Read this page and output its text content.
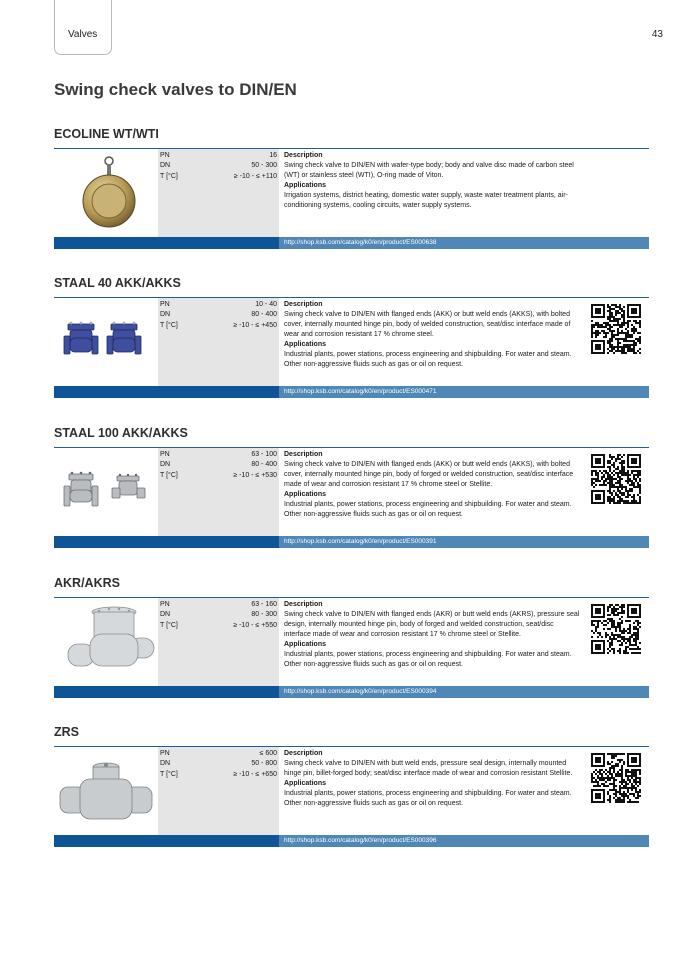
Valves	43
Swing check valves to DIN/EN
ECOLINE WT/WTI
PN	16
DN	50 - 300
T [°C]	≥ -10 - ≤ +110
Description
Swing check valve to DIN/EN with wafer-type body; body and valve disc made of carbon steel (WT) or stainless steel (WTI), O-ring made of Viton.
Applications
Irrigation systems, district heating, domestic water supply, waste water treatment plants, air-conditioning systems, cooling circuits, water supply systems.
http://shop.ksb.com/catalog/k0/en/product/ES000638
STAAL 40 AKK/AKKS
PN	10 - 40
DN	80 - 400
T [°C]	≥ -10 - ≤ +450
Description
Swing check valve to DIN/EN with flanged ends (AKK) or butt weld ends (AKKS), with bolted cover, internally mounted hinge pin, body of welded construction, seat/disc interface made of wear and corrosion resistant 17 % chrome steel.
Applications
Industrial plants, power stations, process engineering and shipbuilding. For water and steam. Other non-aggressive fluids such as gas or oil on request.
http://shop.ksb.com/catalog/k0/en/product/ES000471
STAAL 100 AKK/AKKS
PN	63 - 100
DN	80 - 400
T [°C]	≥ -10 - ≤ +530
Description
Swing check valve to DIN/EN with flanged ends (AKK) or butt weld ends (AKKS), with bolted cover, internally mounted hinge pin, body of forged or welded construction, seat/disc interface made of wear and corrosion resistant 17 % chrome steel or Stellite.
Applications
Industrial plants, power stations, process engineering and shipbuilding. For water and steam. Other non-aggressive fluids such as gas or oil on request.
http://shop.ksb.com/catalog/k0/en/product/ES000391
AKR/AKRS
PN	63 - 160
DN	80 - 300
T [°C]	≥ -10 - ≤ +550
Description
Swing check valve to DIN/EN with flanged ends (AKR) or butt weld ends (AKRS), pressure seal design, internally mounted hinge pin, body of forged and welded construction, seat/disc interface made of wear and corrosion resistant 17 % chrome steel or Stellite.
Applications
Industrial plants, power stations, process engineering and shipbuilding. For water and steam. Other non-aggressive fluids such as gas or oil on request.
http://shop.ksb.com/catalog/k0/en/product/ES000394
ZRS
PN	≤ 600
DN	50 - 800
T [°C]	≥ -10 - ≤ +650
Description
Swing check valve to DIN/EN with butt weld ends, pressure seal design, internally mounted hinge pin, billet-forged body; seat/disc interface made of wear and corrosion resistant Stellite.
Applications
Industrial plants, power stations, process engineering and shipbuilding. For water and steam. Other non-aggressive fluids such as gas or oil on request.
http://shop.ksb.com/catalog/k0/en/product/ES000396
